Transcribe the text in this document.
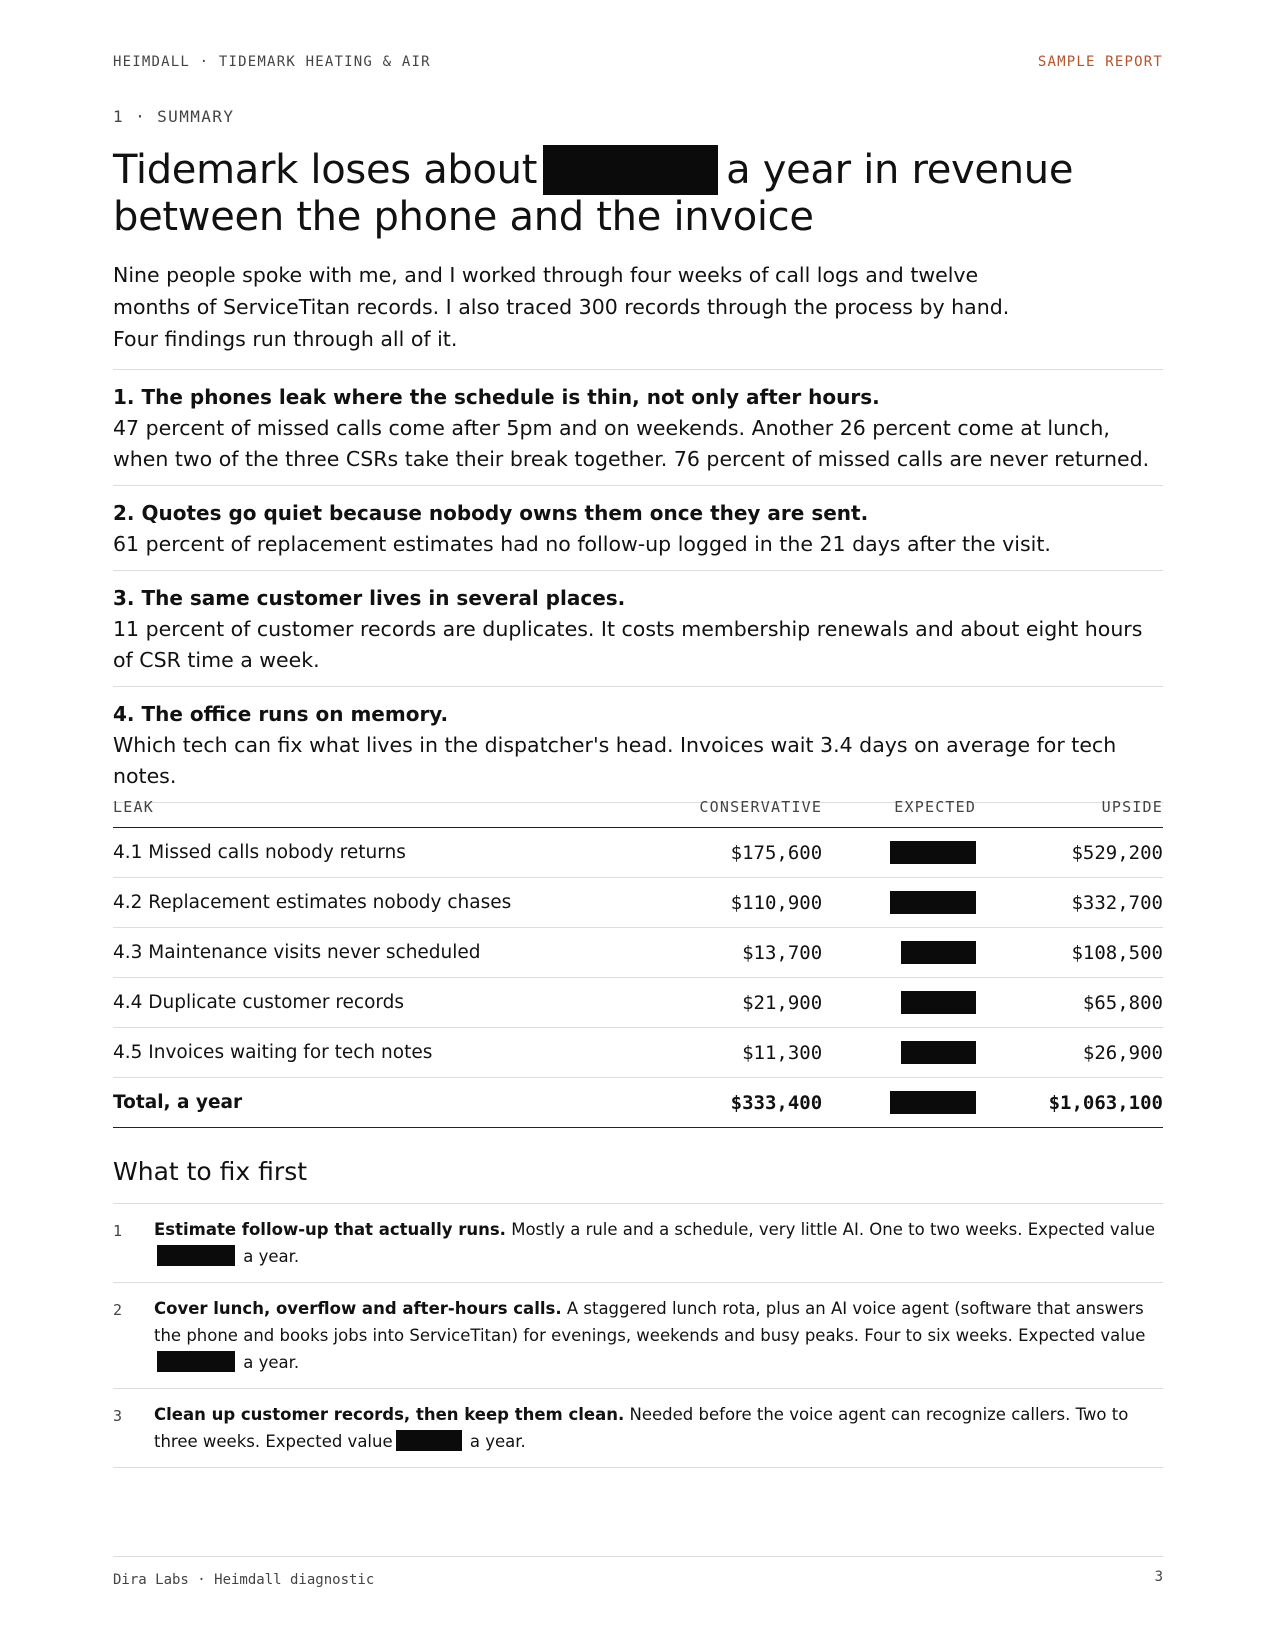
HEIMDALL · TIDEMARK HEATING & AIR	SAMPLE REPORT
1 · SUMMARY
Tidemark loses about	a year in revenue between the phone and the invoice

Nine people spoke with me, and I worked through four weeks of call logs and twelve months of ServiceTitan records. I also traced 300 records through the process by hand. Four findings run through all of it.

1. The phones leak where the schedule is thin, not only after hours.
47 percent of missed calls come after 5pm and on weekends. Another 26 percent come at lunch, when two of the three CSRs take their break together. 76 percent of missed calls are never returned.
2. Quotes go quiet because nobody owns them once they are sent.
61 percent of replacement estimates had no follow-up logged in the 21 days after the visit.
3. The same customer lives in several places.
11 percent of customer records are duplicates. It costs membership renewals and about eight hours of CSR time a week.
4. The office runs on memory.
Which tech can fix what lives in the dispatcher's head. Invoices wait 3.4 days on average for tech notes.
LEAK	CONSERVATIVE	EXPECTED	UPSIDE
4.1 Missed calls nobody returns	$175,600		$529,200
4.2 Replacement estimates nobody chases	$110,900		$332,700
4.3 Maintenance visits never scheduled	$13,700		$108,500
4.4 Duplicate customer records	$21,900		$65,800
4.5 Invoices waiting for tech notes	$11,300		$26,900
Total, a year	$333,400		$1,063,100
What to fix first
1 Estimate follow-up that actually runs. Mostly a rule and a schedule, very little AI. One to two weeks. Expected value a year.
2 Cover lunch, overflow and after-hours calls. A staggered lunch rota, plus an AI voice agent (software that answers the phone and books jobs into ServiceTitan) for evenings, weekends and busy peaks. Four to six weeks. Expected value a year.
3 Clean up customer records, then keep them clean. Needed before the voice agent can recognize callers. Two to three weeks. Expected value	a year.
Dira Labs · Heimdall diagnostic	3
